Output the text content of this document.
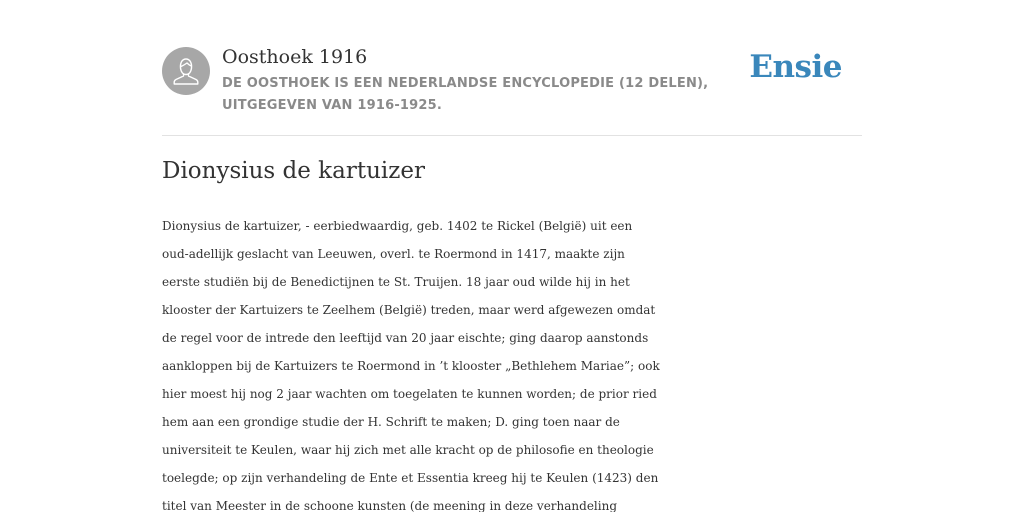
Oosthoek 1916
DE OOSTHOEK IS EEN NEDERLANDSE ENCYCLOPEDIE (12 DELEN), UITGEGEVEN VAN 1916-1925.
Ensie
Dionysius de kartuizer
Dionysius de kartuizer, - eerbiedwaardig, geb. 1402 te Rickel (België) uit een
oud-adellijk geslacht van Leeuwen, overl. te Roermond in 1417, maakte zijn
eerste studiën bij de Benedictijnen te St. Truijen. 18 jaar oud wilde hij in het
klooster der Kartuizers te Zeelhem (België) treden, maar werd afgewezen omdat
de regel voor de intrede den leeftijd van 20 jaar eischte; ging daarop aanstonds
aankloppen bij de Kartuizers te Roermond in ’t klooster „Bethlehem Mariae”; ook
hier moest hij nog 2 jaar wachten om toegelaten te kunnen worden; de prior ried
hem aan een grondige studie der H. Schrift te maken; D. ging toen naar de
universiteit te Keulen, waar hij zich met alle kracht op de philosofie en theologie
toelegde; op zijn verhandeling de Ente et Essentia kreeg hij te Keulen (1423) den
titel van Meester in de schoone kunsten (de meening in deze verhandeling
